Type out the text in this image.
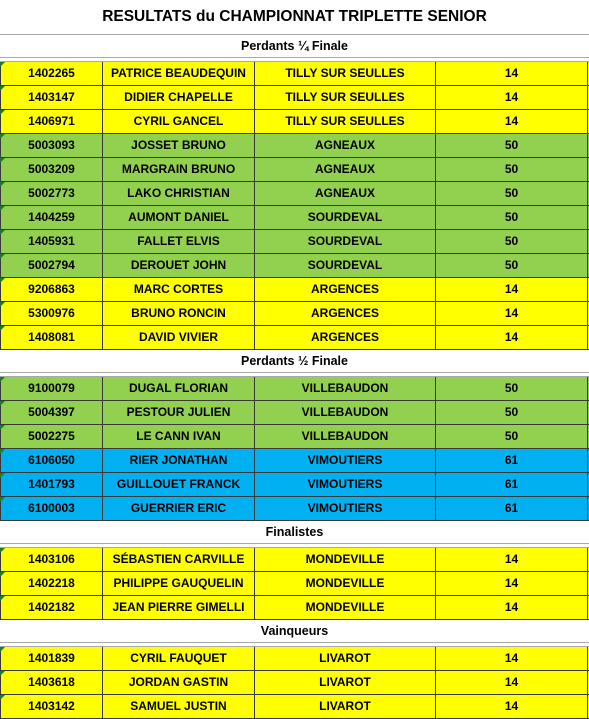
RESULTATS du CHAMPIONNAT TRIPLETTE SENIOR
Perdants ¼ Finale
1402265	PATRICE BEAUDEQUIN	TILLY SUR SEULLES	14
1403147	DIDIER CHAPELLE	TILLY SUR SEULLES	14
1406971	CYRIL GANCEL	TILLY SUR SEULLES	14
5003093	JOSSET BRUNO	AGNEAUX	50
5003209	MARGRAIN BRUNO	AGNEAUX	50
5002773	LAKO CHRISTIAN	AGNEAUX	50
1404259	AUMONT DANIEL	SOURDEVAL	50
1405931	FALLET ELVIS	SOURDEVAL	50
5002794	DEROUET JOHN	SOURDEVAL	50
9206863	MARC CORTES	ARGENCES	14
5300976	BRUNO RONCIN	ARGENCES	14
1408081	DAVID VIVIER	ARGENCES	14
Perdants ½ Finale
9100079	DUGAL FLORIAN	VILLEBAUDON	50
5004397	PESTOUR JULIEN	VILLEBAUDON	50
5002275	LE CANN IVAN	VILLEBAUDON	50
6106050	RIER JONATHAN	VIMOUTIERS	61
1401793	GUILLOUET FRANCK	VIMOUTIERS	61
6100003	GUERRIER ERIC	VIMOUTIERS	61
Finalistes
1403106	SÉBASTIEN CARVILLE	MONDEVILLE	14
1402218	PHILIPPE GAUQUELIN	MONDEVILLE	14
1402182	JEAN PIERRE GIMELLI	MONDEVILLE	14
Vainqueurs
1401839	CYRIL FAUQUET	LIVAROT	14
1403618	JORDAN GASTIN	LIVAROT	14
1403142	SAMUEL JUSTIN	LIVAROT	14
